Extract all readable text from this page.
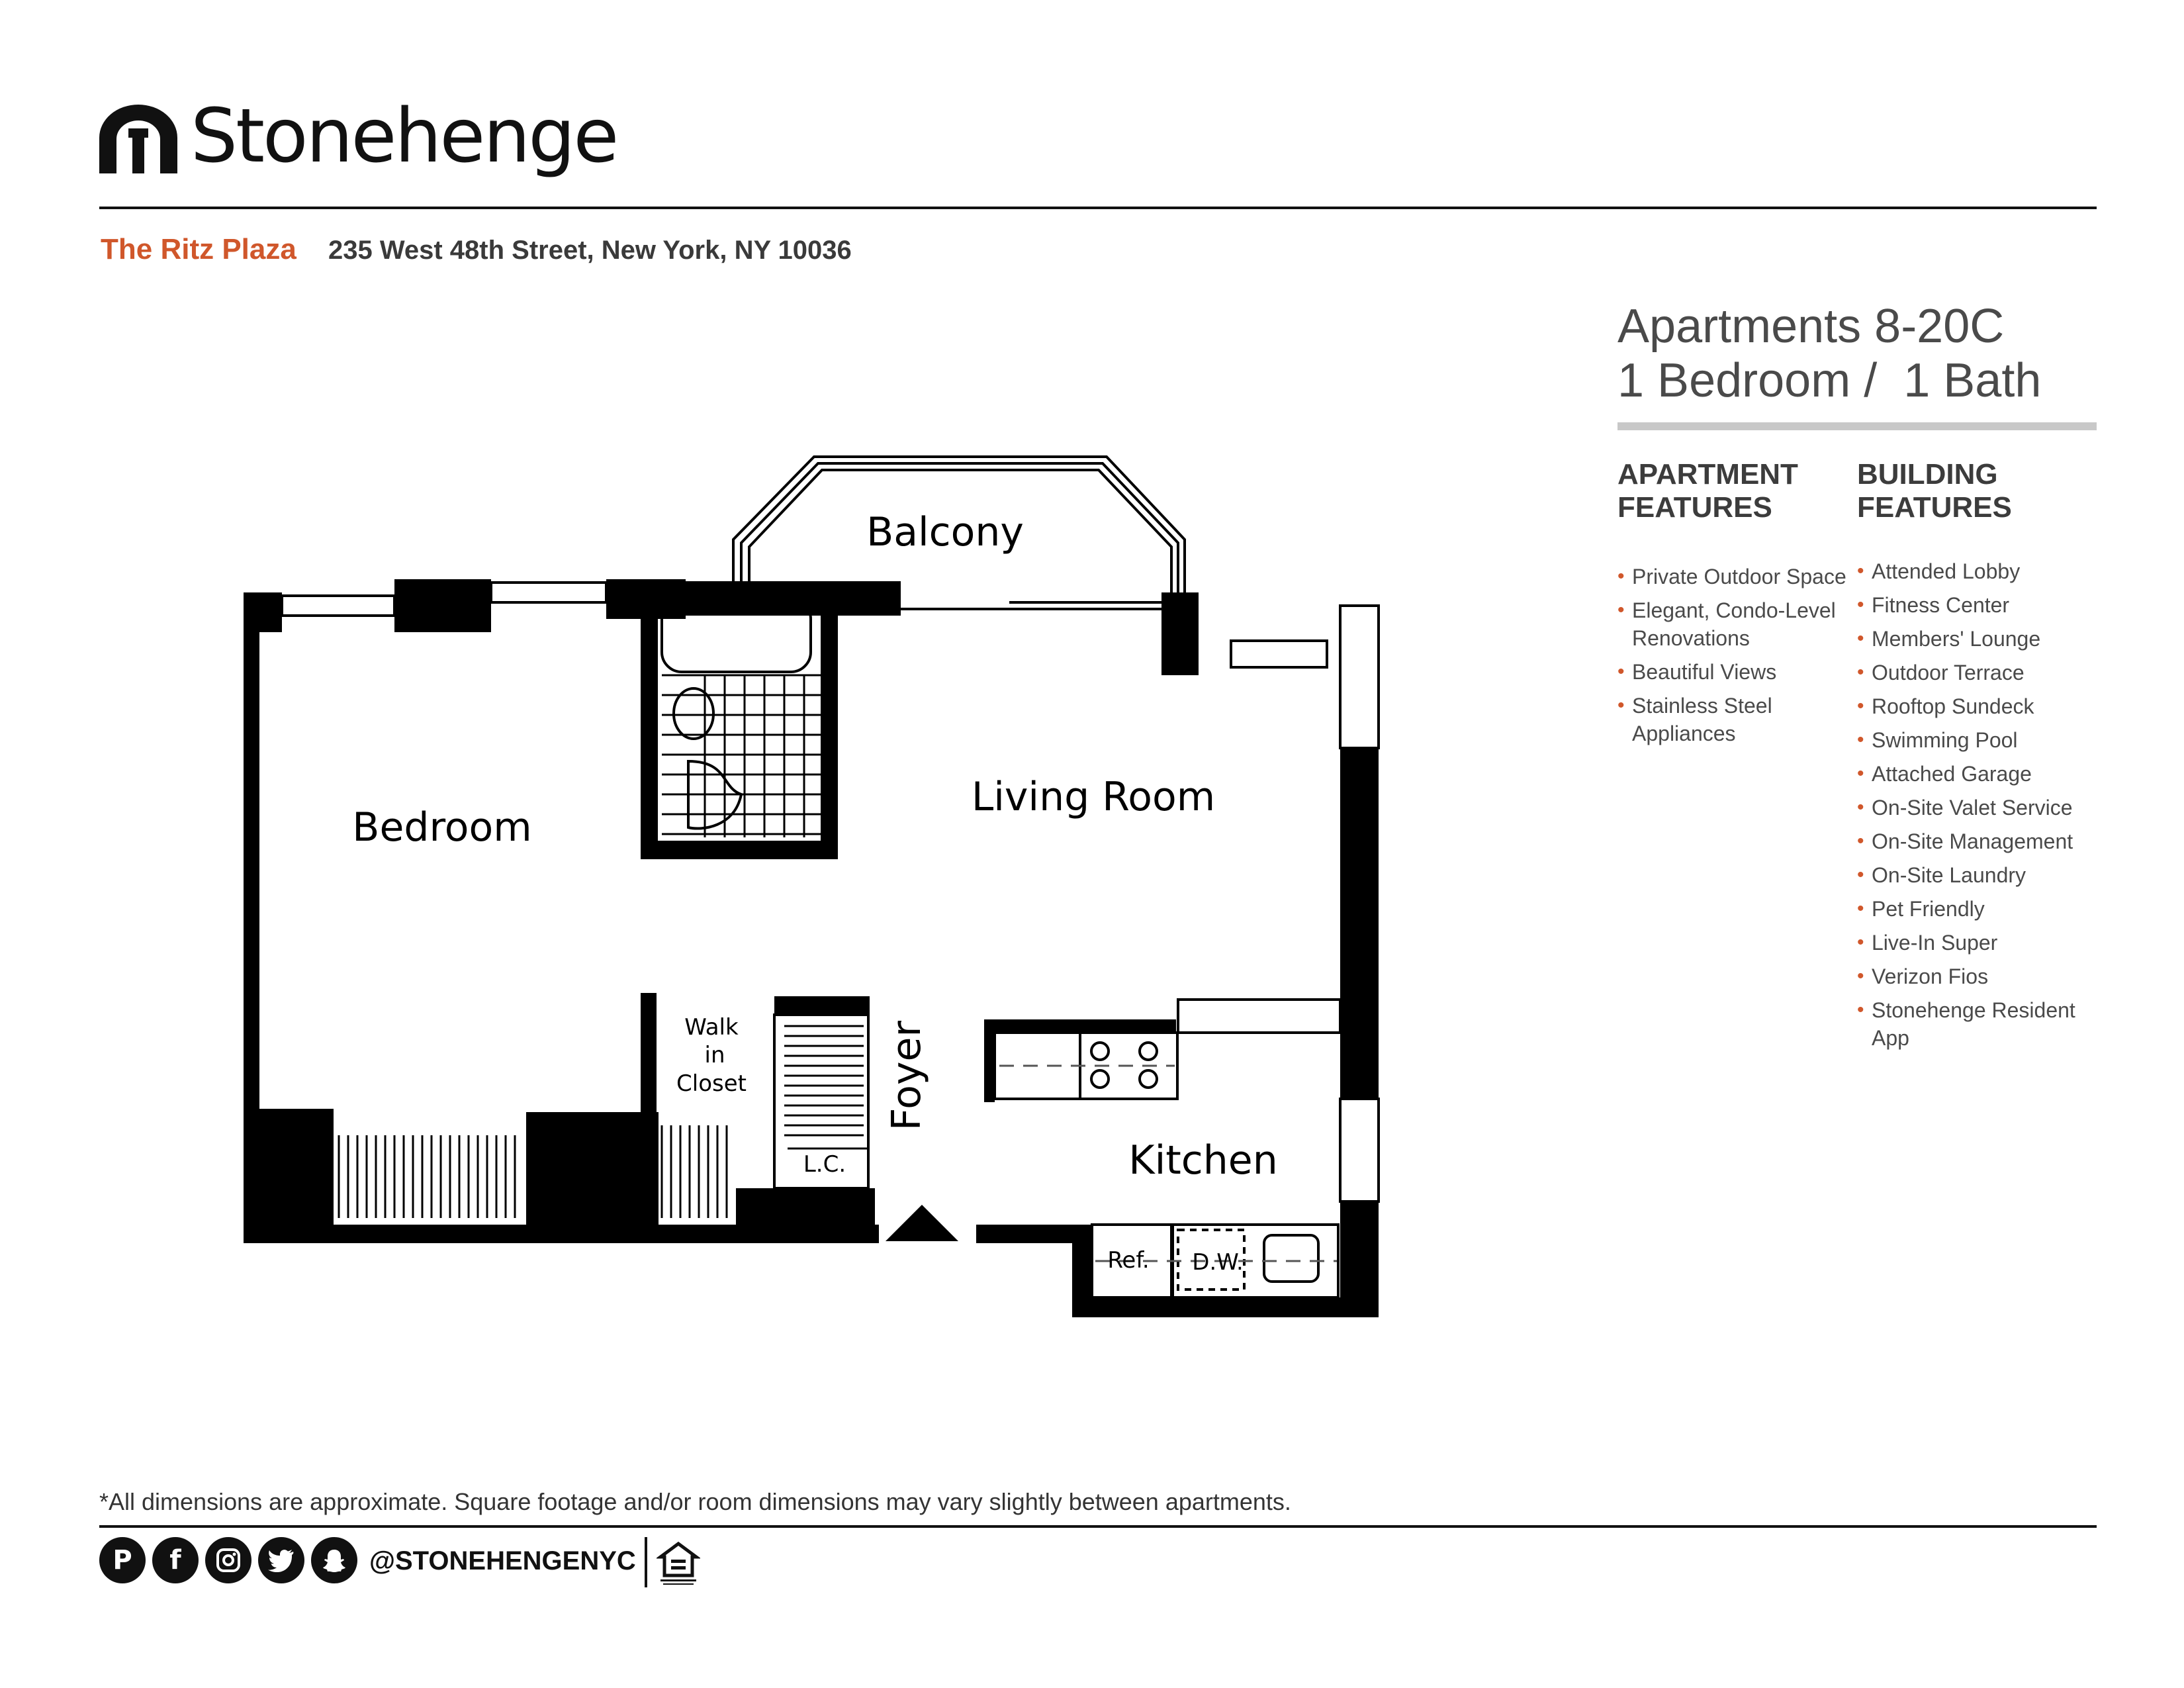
Stonehenge
The Ritz Plaza 235 West 48th Street, New York, NY 10036
Apartments 8-20C
1 Bedroom /  1 Bath
APARTMENT
FEATURES
BUILDING
FEATURES
• Private Outdoor Space
• Elegant, Condo-Level Renovations
• Beautiful Views
• Stainless Steel Appliances
• Attended Lobby
• Fitness Center
• Members' Lounge
• Outdoor Terrace
• Rooftop Sundeck
• Swimming Pool
• Attached Garage
• On-Site Valet Service
• On-Site Management
• On-Site Laundry
• Pet Friendly
• Live-In Super
• Verizon Fios
• Stonehenge Resident App
Balcony
Bedroom
Living Room
Walk
in
Closet
L.C.
Foyer
Kitchen
Ref. D.W.
*All dimensions are approximate. Square footage and/or room dimensions may vary slightly between apartments.
P	f	@STONEHENGENYC
